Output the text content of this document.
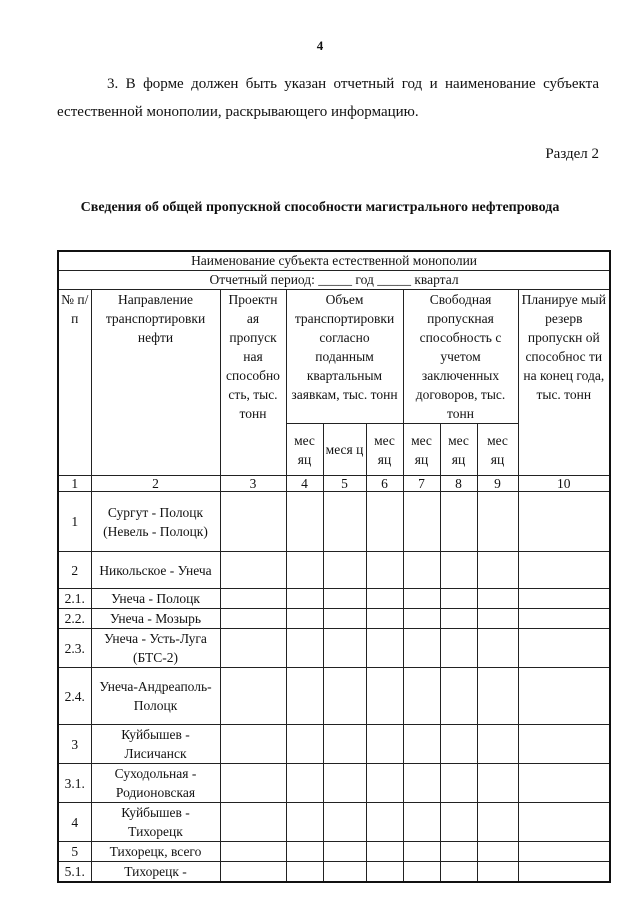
4
3. В форме должен быть указан отчетный год и наименование субъекта естественной монополии, раскрывающего информацию.
Раздел 2
Сведения об общей пропускной способности магистрального нефтепровода
Наименование субъекта естественной монополии									
Отчетный период: _____ год _____ квартал									
№ п/п	Направление транспортировки нефти	Проектн ая пропуск ная способно сть, тыс. тонн	Объем транспортировки согласно поданным квартальным заявкам, тыс. тонн			Свободная пропускная способность с учетом заключенных договоров, тыс. тонн			Планируе мый резерв пропускн ой способнос ти на конец года, тыс. тонн
			мес яц	меся ц	мес яц	мес яц	мес яц	мес яц	
1	2	3	4	5	6	7	8	9	10
1	Сургут - Полоцк (Невель - Полоцк)								
2	Никольское - Унеча								
2.1.	Унеча - Полоцк								
2.2.	Унеча - Мозырь								
2.3.	Унеча - Усть-Луга (БТС-2)								
2.4.	Унеча-Андреаполь-Полоцк								
3	Куйбышев - Лисичанск								
3.1.	Суходольная - Родионовская								
4	Куйбышев - Тихорецк								
5	Тихорецк, всего								
5.1.	Тихорецк -								
